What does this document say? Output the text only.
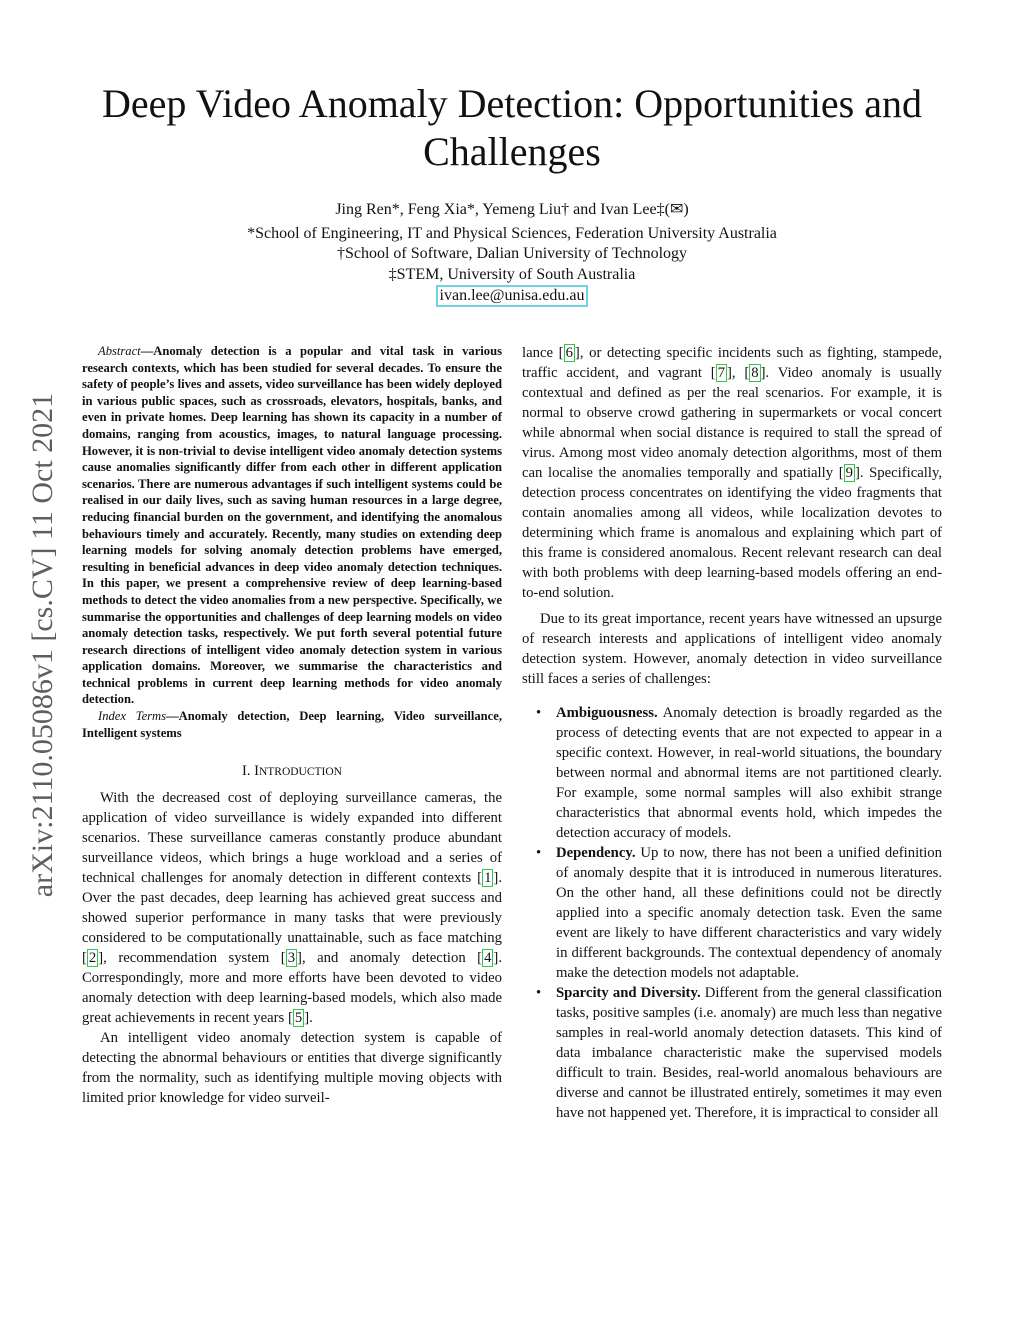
Deep Video Anomaly Detection: Opportunities and Challenges
Jing Ren*, Feng Xia*, Yemeng Liu† and Ivan Lee‡(✉)
*School of Engineering, IT and Physical Sciences, Federation University Australia
†School of Software, Dalian University of Technology
‡STEM, University of South Australia
ivan.lee@unisa.edu.au
arXiv:2110.05086v1 [cs.CV] 11 Oct 2021

Abstract—Anomaly detection is a popular and vital task in various research contexts, which has been studied for several decades. To ensure the safety of people’s lives and assets, video surveillance has been widely deployed in various public spaces, such as crossroads, elevators, hospitals, banks, and even in private homes. Deep learning has shown its capacity in a number of domains, ranging from acoustics, images, to natural language processing. However, it is non-trivial to devise intelligent video anomaly detection systems cause anomalies significantly differ from each other in different application scenarios. There are numerous advantages if such intelligent systems could be realised in our daily lives, such as saving human resources in a large degree, reducing financial burden on the government, and identifying the anomalous behaviours timely and accurately. Recently, many studies on extending deep learning models for solving anomaly detection problems have emerged, resulting in beneficial advances in deep video anomaly detection techniques. In this paper, we present a comprehensive review of deep learning-based methods to detect the video anomalies from a new perspective. Specifically, we summarise the opportunities and challenges of deep learning models on video anomaly detection tasks, respectively. We put forth several potential future research directions of intelligent video anomaly detection system in various application domains. Moreover, we summarise the characteristics and technical problems in current deep learning methods for video anomaly detection.

Index Terms—Anomaly detection, Deep learning, Video surveillance, Intelligent systems

I. INTRODUCTION

With the decreased cost of deploying surveillance cameras, the application of video surveillance is widely expanded into different scenarios. These surveillance cameras constantly produce abundant surveillance videos, which brings a huge workload and a series of technical challenges for anomaly detection in different contexts [ 1 ]. Over the past decades, deep learning has achieved great success and showed superior performance in many tasks that were previously considered to be computationally unattainable, such as face matching [ 2 ], recommendation system [ 3 ], and anomaly detection [ 4 ]. Correspondingly, more and more efforts have been devoted to video anomaly detection with deep learning-based models, which also made great achievements in recent years [ 5 ].

An intelligent video anomaly detection system is capable of detecting the abnormal behaviours or entities that diverge significantly from the normality, such as identifying multiple moving objects with limited prior knowledge for video surveil-

lance [ 6 ], or detecting specific incidents such as fighting, stampede, traffic accident, and vagrant [ 7 ], [ 8 ]. Video anomaly is usually contextual and defined as per the real scenarios. For example, it is normal to observe crowd gathering in supermarkets or vocal concert while abnormal when social distance is required to stall the spread of virus. Among most video anomaly detection algorithms, most of them can localise the anomalies temporally and spatially [ 9 ]. Specifically, detection process concentrates on identifying the video fragments that contain anomalies among all videos, while localization devotes to determining which frame is anomalous and explaining which part of this frame is considered anomalous. Recent relevant research can deal with both problems with deep learning-based models offering an end-to-end solution.

Due to its great importance, recent years have witnessed an upsurge of research interests and applications of intelligent video anomaly detection system. However, anomaly detection in video surveillance still faces a series of challenges:

• Ambiguousness. Anomaly detection is broadly regarded as the process of detecting events that are not expected to appear in a specific context. However, in real-world situations, the boundary between normal and abnormal items are not partitioned clearly. For example, some normal samples will also exhibit strange characteristics that abnormal events hold, which impedes the detection accuracy of models.
• Dependency. Up to now, there has not been a unified definition of anomaly despite that it is introduced in numerous literatures. On the other hand, all these definitions could not be directly applied into a specific anomaly detection task. Even the same event are likely to have different characteristics and vary widely in different backgrounds. The contextual dependency of anomaly make the detection models not adaptable.
• Sparcity and Diversity. Different from the general classification tasks, positive samples (i.e. anomaly) are much less than negative samples in real-world anomaly detection datasets. This kind of data imbalance characteristic make the supervised models difficult to train. Besides, real-world anomalous behaviours are diverse and cannot be illustrated entirely, sometimes it may even have not happened yet. Therefore, it is impractical to consider all
